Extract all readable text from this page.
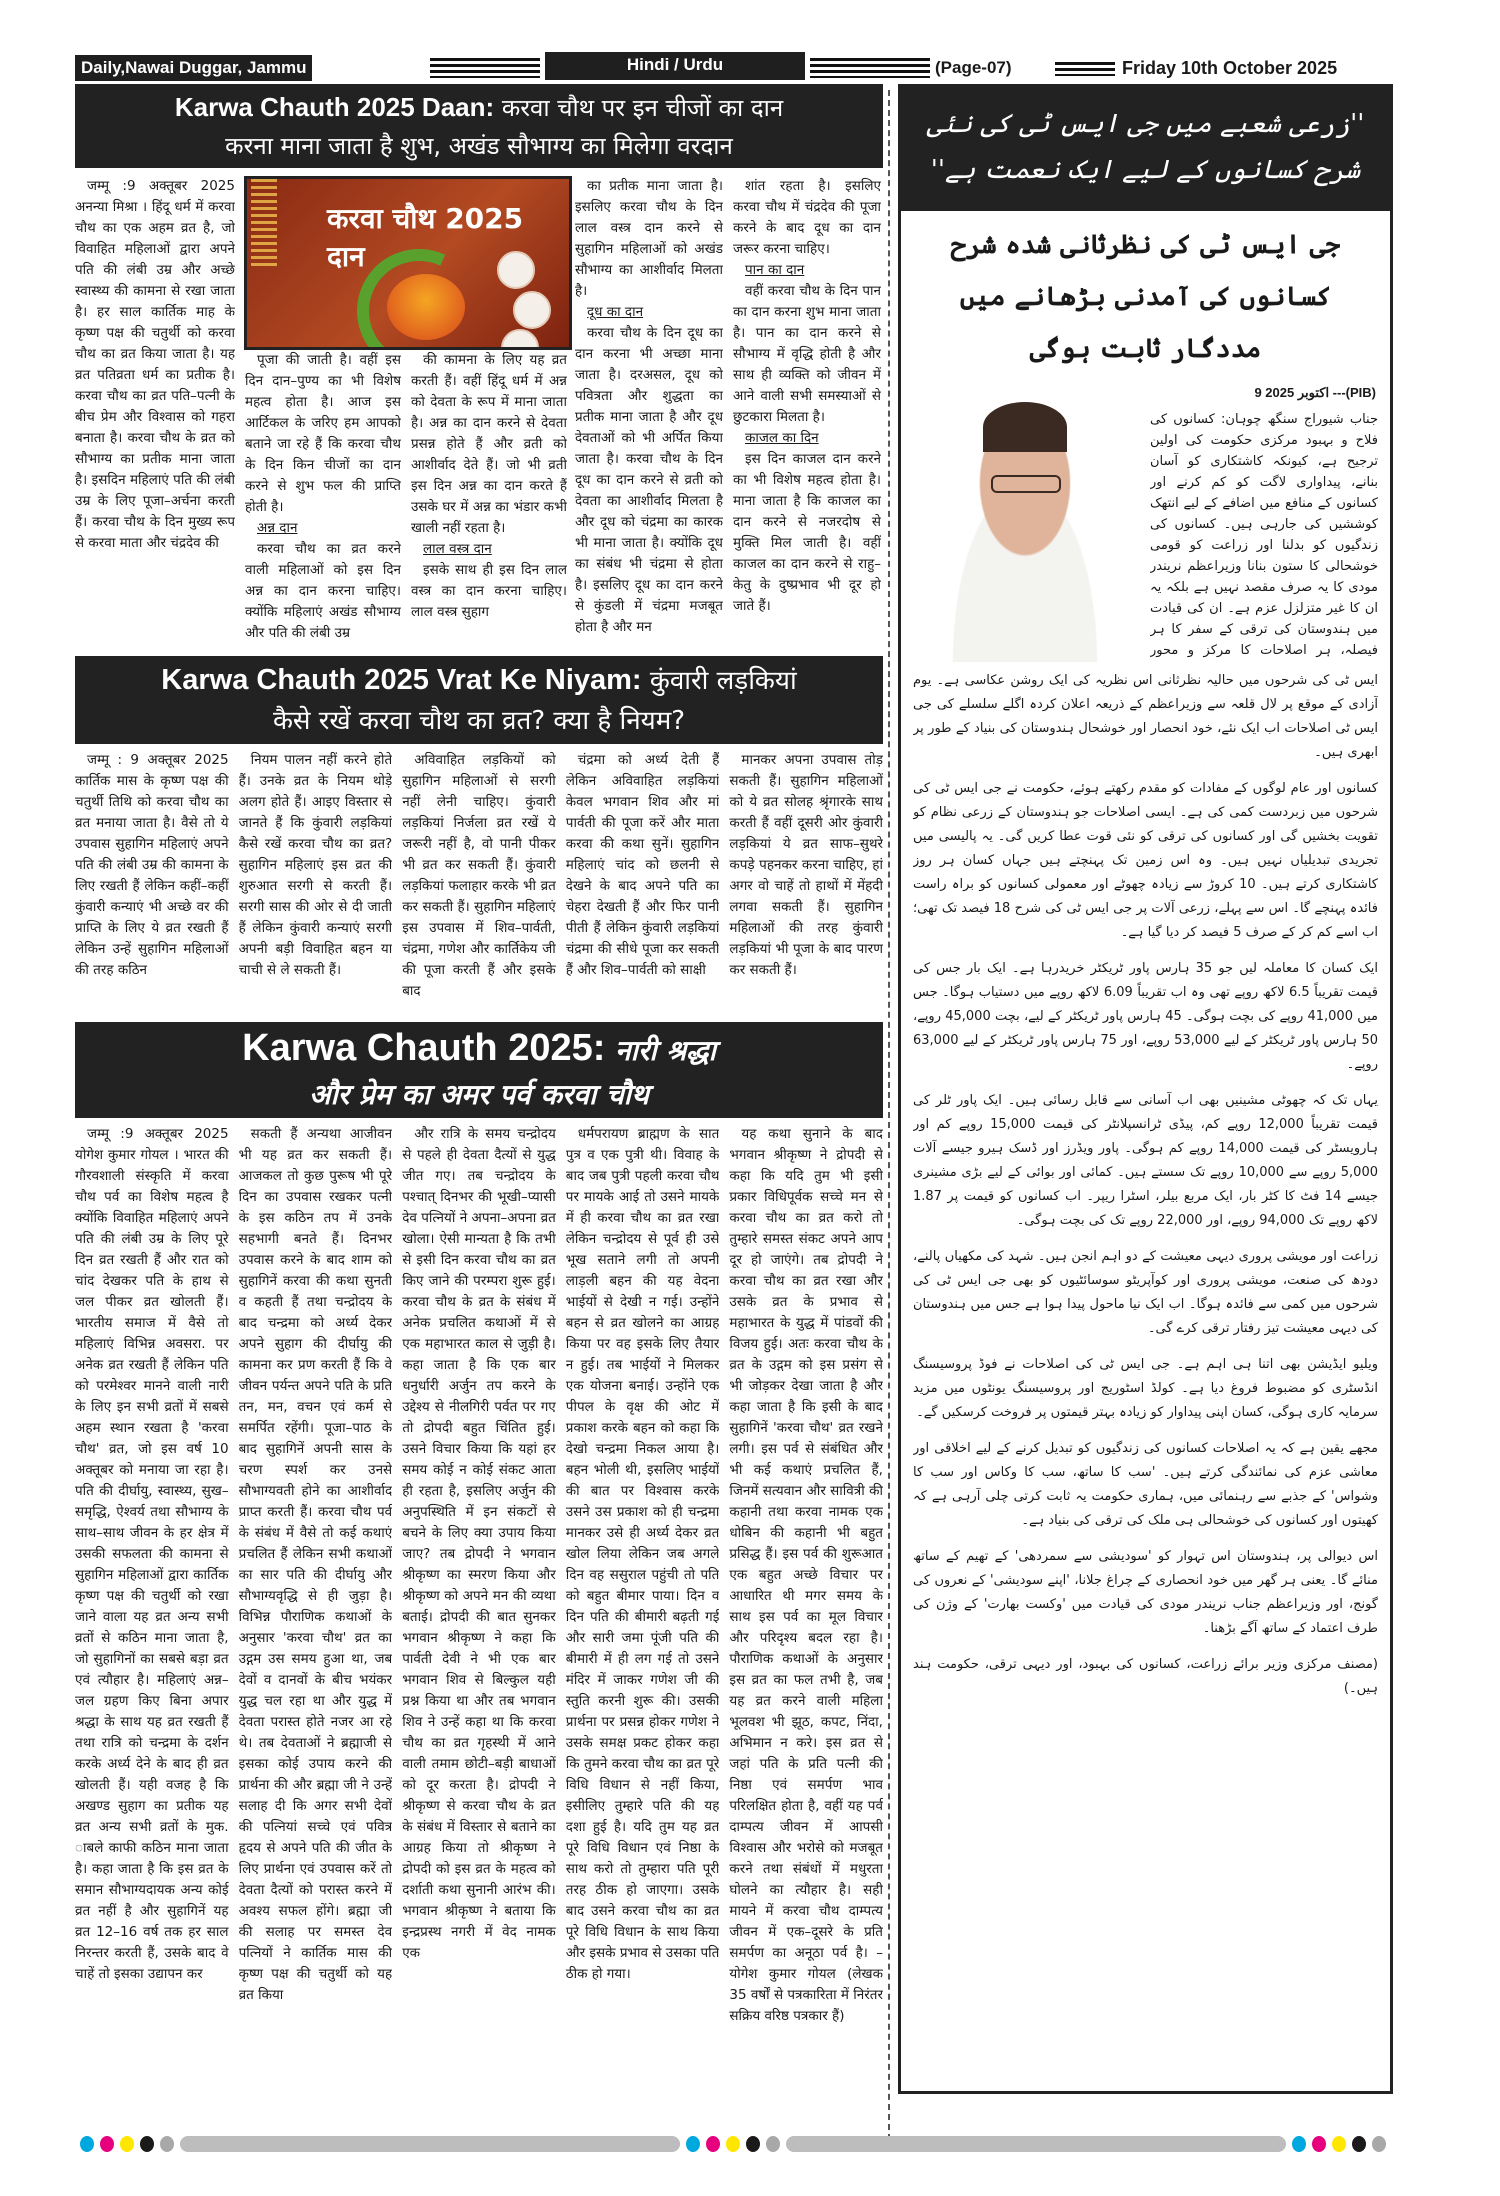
Daily,Nawai Duggar, Jammu	Hindi / Urdu	(Page-07)	Friday 10th October 2025
Karwa Chauth 2025 Daan: करवा चौथ पर इन चीजों का दान
करना माना जाता है शुभ, अखंड सौभाग्य का मिलेगा वरदान

जम्मू :9 अक्तूबर 2025 अनन्या मिश्रा । हिंदू धर्म में करवा चौथ का एक अहम व्रत है, जो विवाहित महिलाओं द्वारा अपने पति की लंबी उम्र और अच्छे स्वास्थ्य की कामना से रखा जाता है। हर साल कार्तिक माह के कृष्ण पक्ष की चतुर्थी को करवा चौथ का व्रत किया जाता है। यह व्रत पतिव्रता धर्म का प्रतीक है। करवा चौथ का व्रत पति–पत्नी के बीच प्रेम और विश्वास को गहरा बनाता है। करवा चौथ के व्रत को सौभाग्य का प्रतीक माना जाता है। इसदिन महिलाएं पति की लंबी उम्र के लिए पूजा–अर्चना करती हैं। करवा चौथ के दिन मुख्य रूप से करवा माता और चंद्रदेव की

करवा चौथ 2025 दान

पूजा की जाती है। वहीं इस दिन दान–पुण्य का भी विशेष महत्व होता है। आज इस आर्टिकल के जरिए हम आपको बताने जा रहे हैं कि करवा चौथ के दिन किन चीजों का दान करने से शुभ फल की प्राप्ति होती है।

अन्न दान

करवा चौथ का व्रत करने वाली महिलाओं को इस दिन अन्न का दान करना चाहिए। क्योंकि महिलाएं अखंड सौभाग्य और पति की लंबी उम्र

की कामना के लिए यह व्रत करती हैं। वहीं हिंदू धर्म में अन्न को देवता के रूप में माना जाता है। अन्न का दान करने से देवता प्रसन्न होते हैं और व्रती को आशीर्वाद देते हैं। जो भी व्रती इस दिन अन्न का दान करते हैं उसके घर में अन्न का भंडार कभी खाली नहीं रहता है।

लाल वस्त्र दान

इसके साथ ही इस दिन लाल वस्त्र का दान करना चाहिए। लाल वस्त्र सुहाग

का प्रतीक माना जाता है। इसलिए करवा चौथ के दिन लाल वस्त्र दान करने से सुहागिन महिलाओं को अखंड सौभाग्य का आशीर्वाद मिलता है।

दूध का दान

करवा चौथ के दिन दूध का दान करना भी अच्छा माना जाता है। दरअसल, दूध को पवित्रता और शुद्धता का प्रतीक माना जाता है और दूध देवताओं को भी अर्पित किया जाता है। करवा चौथ के दिन दूध का दान करने से व्रती को देवता का आशीर्वाद मिलता है और दूध को चंद्रमा का कारक भी माना जाता है। क्योंकि दूध का संबंध भी चंद्रमा से होता है। इसलिए दूध का दान करने से कुंडली में चंद्रमा मजबूत होता है और मन

शांत रहता है। इसलिए करवा चौथ में चंद्रदेव की पूजा करने के बाद दूध का दान जरूर करना चाहिए।

पान का दान

वहीं करवा चौथ के दिन पान का दान करना शुभ माना जाता है। पान का दान करने से सौभाग्य में वृद्धि होती है और साथ ही व्यक्ति को जीवन में आने वाली सभी समस्याओं से छुटकारा मिलता है।

काजल का दिन

इस दिन काजल दान करने का भी विशेष महत्व होता है। माना जाता है कि काजल का दान करने से नजरदोष से मुक्ति मिल जाती है। वहीं काजल का दान करने से राहु–केतु के दुष्प्रभाव भी दूर हो जाते हैं।

Karwa Chauth 2025 Vrat Ke Niyam: कुंवारी लड़कियां
कैसे रखें करवा चौथ का व्रत? क्या है नियम?

जम्मू : 9 अक्तूबर 2025 कार्तिक मास के कृष्ण पक्ष की चतुर्थी तिथि को करवा चौथ का व्रत मनाया जाता है। वैसे तो ये उपवास सुहागिन महिलाएं अपने पति की लंबी उम्र की कामना के लिए रखती हैं लेकिन कहीं–कहीं कुंवारी कन्याएं भी अच्छे वर की प्राप्ति के लिए ये व्रत रखती हैं लेकिन उन्हें सुहागिन महिलाओं की तरह कठिन

नियम पालन नहीं करने होते हैं। उनके व्रत के नियम थोड़े अलग होते हैं। आइए विस्तार से जानते हैं कि कुंवारी लड़कियां कैसे रखें करवा चौथ का व्रत? सुहागिन महिलाएं इस व्रत की शुरुआत सरगी से करती हैं। सरगी सास की ओर से दी जाती हैं लेकिन कुंवारी कन्याएं सरगी अपनी बड़ी विवाहित बहन या चाची से ले सकती हैं।

अविवाहित लड़कियों को सुहागिन महिलाओं से सरगी नहीं लेनी चाहिए। कुंवारी लड़कियां निर्जला व्रत रखें ये जरूरी नहीं है, वो पानी पीकर भी व्रत कर सकती हैं। कुंवारी लड़कियां फलाहार करके भी व्रत कर सकती हैं। सुहागिन महिलाएं इस उपवास में शिव–पार्वती, चंद्रमा, गणेश और कार्तिकेय जी की पूजा करती हैं और इसके बाद

चंद्रमा को अर्ध्य देती हैं लेकिन अविवाहित लड़कियां केवल भगवान शिव और मां पार्वती की पूजा करें और माता करवा की कथा सुनें। सुहागिन महिलाएं चांद को छलनी से देखने के बाद अपने पति का चेहरा देखती हैं और फिर पानी पीती हैं लेकिन कुंवारी लड़कियां चंद्रमा की सीधे पूजा कर सकती हैं और शिव–पार्वती को साक्षी

मानकर अपना उपवास तोड़ सकती हैं। सुहागिन महिलाओं को ये व्रत सोलह श्रृंगारके साथ करती हैं वहीं दूसरी ओर कुंवारी लड़कियां ये व्रत साफ–सुथरे कपड़े पहनकर करना चाहिए, हां अगर वो चाहें तो हाथों में मेंहदी लगवा सकती हैं। सुहागिन महिलाओं की तरह कुंवारी लड़कियां भी पूजा के बाद पारण कर सकती हैं।

Karwa Chauth 2025: नारी श्रद्धा
और प्रेम का अमर पर्व करवा चौथ

जम्मू :9 अक्तूबर 2025 योगेश कुमार गोयल । भारत की गौरवशाली संस्कृति में करवा चौथ पर्व का विशेष महत्व है क्योंकि विवाहित महिलाएं अपने पति की लंबी उम्र के लिए पूरे दिन व्रत रखती हैं और रात को चांद देखकर पति के हाथ से जल पीकर व्रत खोलती हैं। भारतीय समाज में वैसे तो महिलाएं विभिन्न अवसरा. पर अनेक व्रत रखती हैं लेकिन पति को परमेश्वर मानने वाली नारी के लिए इन सभी व्रतों में सबसे अहम स्थान रखता है 'करवा चौथ' व्रत, जो इस वर्ष 10 अक्तूबर को मनाया जा रहा है। पति की दीर्घायु, स्वास्थ्य, सुख–समृद्धि, ऐश्वर्य तथा सौभाग्य के साथ–साथ जीवन के हर क्षेत्र में उसकी सफलता की कामना से सुहागिन महिलाओं द्वारा कार्तिक कृष्ण पक्ष की चतुर्थी को रखा जाने वाला यह व्रत अन्य सभी व्रतों से कठिन माना जाता है, जो सुहागिनों का सबसे बड़ा व्रत एवं त्यौहार है। महिलाएं अन्न–जल ग्रहण किए बिना अपार श्रद्धा के साथ यह व्रत रखती हैं तथा रात्रि को चन्द्रमा के दर्शन करके अर्ध्य देने के बाद ही व्रत खोलती हैं। यही वजह है कि अखण्ड सुहाग का प्रतीक यह व्रत अन्य सभी व्रतों के मुक. ाबले काफी कठिन माना जाता है। कहा जाता है कि इस व्रत के समान सौभाग्यदायक अन्य कोई व्रत नहीं है और सुहागिनें यह व्रत 12–16 वर्ष तक हर साल निरन्तर करती हैं, उसके बाद वे चाहें तो इसका उद्यापन कर

सकती हैं अन्यथा आजीवन भी यह व्रत कर सकती हैं। आजकल तो कुछ पुरूष भी पूरे दिन का उपवास रखकर पत्नी के इस कठिन तप में उनके सहभागी बनते हैं। दिनभर उपवास करने के बाद शाम को सुहागिनें करवा की कथा सुनती व कहती हैं तथा चन्द्रोदय के बाद चन्द्रमा को अर्ध्य देकर अपने सुहाग की दीर्घायु की कामना कर प्रण करती हैं कि वे जीवन पर्यन्त अपने पति के प्रति तन, मन, वचन एवं कर्म से समर्पित रहेंगी। पूजा–पाठ के बाद सुहागिनें अपनी सास के चरण स्पर्श कर उनसे सौभाग्यवती होने का आशीर्वाद प्राप्त करती हैं। करवा चौथ पर्व के संबंध में वैसे तो कई कथाएं प्रचलित हैं लेकिन सभी कथाओं का सार पति की दीर्घायु और सौभाग्यवृद्धि से ही जुड़ा है। विभिन्न पौराणिक कथाओं के अनुसार 'करवा चौथ' व्रत का उद्गम उस समय हुआ था, जब देवों व दानवों के बीच भयंकर युद्ध चल रहा था और युद्ध में देवता परास्त होते नजर आ रहे थे। तब देवताओं ने ब्रह्माजी से इसका कोई उपाय करने की प्रार्थना की और ब्रह्मा जी ने उन्हें सलाह दी कि अगर सभी देवों की पत्नियां सच्चे एवं पवित्र हृदय से अपने पति की जीत के लिए प्रार्थना एवं उपवास करें तो देवता दैत्यों को परास्त करने में अवश्य सफल होंगे। ब्रह्मा जी की सलाह पर समस्त देव पत्नियों ने कार्तिक मास की कृष्ण पक्ष की चतुर्थी को यह व्रत किया

और रात्रि के समय चन्द्रोदय से पहले ही देवता दैत्यों से युद्ध जीत गए। तब चन्द्रोदय के पश्चात् दिनभर की भूखी–प्यासी देव पत्नियों ने अपना–अपना व्रत खोला। ऐसी मान्यता है कि तभी से इसी दिन करवा चौथ का व्रत किए जाने की परम्परा शुरू हुई। करवा चौथ के व्रत के संबंध में अनेक प्रचलित कथाओं में से एक महाभारत काल से जुड़ी है। कहा जाता है कि एक बार धनुर्धारी अर्जुन तप करने के उद्देश्य से नीलगिरी पर्वत पर गए तो द्रोपदी बहुत चिंतित हुई। उसने विचार किया कि यहां हर समय कोई न कोई संकट आता ही रहता है, इसलिए अर्जुन की अनुपस्थिति में इन संकटों से बचने के लिए क्या उपाय किया जाए? तब द्रोपदी ने भगवान श्रीकृष्ण का स्मरण किया और श्रीकृष्ण को अपने मन की व्यथा बताई। द्रोपदी की बात सुनकर भगवान श्रीकृष्ण ने कहा कि पार्वती देवी ने भी एक बार भगवान शिव से बिल्कुल यही प्रश्न किया था और तब भगवान शिव ने उन्हें कहा था कि करवा चौथ का व्रत गृहस्थी में आने वाली तमाम छोटी–बड़ी बाधाओं को दूर करता है। द्रोपदी ने श्रीकृष्ण से करवा चौथ के व्रत के संबंध में विस्तार से बताने का आग्रह किया तो श्रीकृष्ण ने द्रोपदी को इस व्रत के महत्व को दर्शाती कथा सुनानी आरंभ की। भगवान श्रीकृष्ण ने बताया कि इन्द्रप्रस्थ नगरी में वेद नामक एक

धर्मपरायण ब्राह्मण के सात पुत्र व एक पुत्री थी। विवाह के बाद जब पुत्री पहली करवा चौथ पर मायके आई तो उसने मायके में ही करवा चौथ का व्रत रखा लेकिन चन्द्रोदय से पूर्व ही उसे भूख सताने लगी तो अपनी लाड़ली बहन की यह वेदना भाईयों से देखी न गई। उन्होंने बहन से व्रत खोलने का आग्रह किया पर वह इसके लिए तैयार न हुई। तब भाईयों ने मिलकर एक योजना बनाई। उन्होंने एक पीपल के वृक्ष की ओट में प्रकाश करके बहन को कहा कि देखो चन्द्रमा निकल आया है। बहन भोली थी, इसलिए भाईयों की बात पर विश्वास करके उसने उस प्रकाश को ही चन्द्रमा मानकर उसे ही अर्ध्य देकर व्रत खोल लिया लेकिन जब अगले दिन वह ससुराल पहुंची तो पति को बहुत बीमार पाया। दिन व दिन पति की बीमारी बढ़ती गई और सारी जमा पूंजी पति की बीमारी में ही लग गई तो उसने मंदिर में जाकर गणेश जी की स्तुति करनी शुरू की। उसकी प्रार्थना पर प्रसन्न होकर गणेश ने उसके समक्ष प्रकट होकर कहा कि तुमने करवा चौथ का व्रत पूरे विधि विधान से नहीं किया, इसीलिए तुम्हारे पति की यह दशा हुई है। यदि तुम यह व्रत पूरे विधि विधान एवं निष्ठा के साथ करो तो तुम्हारा पति पूरी तरह ठीक हो जाएगा। उसके बाद उसने करवा चौथ का व्रत पूरे विधि विधान के साथ किया और इसके प्रभाव से उसका पति ठीक हो गया।

यह कथा सुनाने के बाद भगवान श्रीकृष्ण ने द्रोपदी से कहा कि यदि तुम भी इसी प्रकार विधिपूर्वक सच्चे मन से करवा चौथ का व्रत करो तो तुम्हारे समस्त संकट अपने आप दूर हो जाएंगे। तब द्रोपदी ने करवा चौथ का व्रत रखा और उसके व्रत के प्रभाव से महाभारत के युद्ध में पांडवों की विजय हुई। अतः करवा चौथ के व्रत के उद्गम को इस प्रसंग से भी जोड़कर देखा जाता है और कहा जाता है कि इसी के बाद सुहागिनें 'करवा चौथ' व्रत रखने लगी। इस पर्व से संबंधित और भी कई कथाएं प्रचलित हैं, जिनमें सत्यवान और सावित्री की कहानी तथा करवा नामक एक धोबिन की कहानी भी बहुत प्रसिद्ध हैं। इस पर्व की शुरूआत एक बहुत अच्छे विचार पर आधारित थी मगर समय के साथ इस पर्व का मूल विचार और परिदृश्य बदल रहा है। पौराणिक कथाओं के अनुसार इस व्रत का फल तभी है, जब यह व्रत करने वाली महिला भूलवश भी झूठ, कपट, निंदा, अभिमान न करे। इस व्रत से जहां पति के प्रति पत्नी की निष्ठा एवं समर्पण भाव परिलक्षित होता है, वहीं यह पर्व दाम्पत्य जीवन में आपसी विश्वास और भरोसे को मजबूत करने तथा संबंधों में मधुरता घोलने का त्यौहार है। सही मायने में करवा चौथ दाम्पत्य जीवन में एक–दूसरे के प्रति समर्पण का अनूठा पर्व है। – योगेश कुमार गोयल (लेखक 35 वर्षों से पत्रकारिता में निरंतर सक्रिय वरिष्ठ पत्रकार हैं)

''زرعی شعبے میں جی ایس ٹی کی نئی شرح کسانوں کے لیے ایک نعمت ہے''
جی ایس ٹی کی نظرثانی شدہ شرح کسانوں کی آمدنی بڑھانے میں مددگار ثابت ہوگی
9 اکتوبر 2025 ---(PIB)
جناب شیوراج سنگھ چوہان: کسانوں کی فلاح و بہبود مرکزی حکومت کی اولین ترجیح ہے، کیونکہ کاشتکاری کو آسان بنانے، پیداواری لاگت کو کم کرنے اور کسانوں کے منافع میں اضافے کے لیے انتھک کوششیں کی جارہی ہیں۔ کسانوں کی زندگیوں کو بدلنا اور زراعت کو قومی خوشحالی کا ستون بنانا وزیراعظم نریندر مودی کا یہ صرف مقصد نہیں ہے بلکہ یہ ان کا غیر متزلزل عزم ہے۔ ان کی قیادت میں ہندوستان کی ترقی کے سفر کا ہر فیصلہ، ہر اصلاحات کا مرکز و محور

ایس ٹی کی شرحوں میں حالیہ نظرثانی اس نظریہ کی ایک روشن عکاسی ہے۔ یوم آزادی کے موقع پر لال قلعہ سے وزیراعظم کے ذریعہ اعلان کردہ اگلے سلسلے کی جی ایس ٹی اصلاحات اب ایک نئے، خود انحصار اور خوشحال ہندوستان کی بنیاد کے طور پر ابھری ہیں۔

کسانوں اور عام لوگوں کے مفادات کو مقدم رکھتے ہوئے، حکومت نے جی ایس ٹی کی شرحوں میں زبردست کمی کی ہے۔ ایسی اصلاحات جو ہندوستان کے زرعی نظام کو تقویت بخشیں گی اور کسانوں کی ترقی کو نئی قوت عطا کریں گی۔ یہ پالیسی میں تجریدی تبدیلیاں نہیں ہیں۔ وہ اس زمین تک پہنچتے ہیں جہاں کسان ہر روز کاشتکاری کرتے ہیں۔ 10 کروڑ سے زیادہ چھوٹے اور معمولی کسانوں کو براہ راست فائدہ پہنچے گا۔ اس سے پہلے، زرعی آلات پر جی ایس ٹی کی شرح 18 فیصد تک تھی؛ اب اسے کم کر کے صرف 5 فیصد کر دیا گیا ہے۔

ایک کسان کا معاملہ لیں جو 35 ہارس پاور ٹریکٹر خریدرہا ہے۔ ایک بار جس کی قیمت تقریباً 6.5 لاکھ روپے تھی وہ اب تقریباً 6.09 لاکھ روپے میں دستیاب ہوگا۔ جس میں 41,000 روپے کی بچت ہوگی۔ 45 ہارس پاور ٹریکٹر کے لیے، بچت 45,000 روپے، 50 ہارس پاور ٹریکٹر کے لیے 53,000 روپے، اور 75 ہارس پاور ٹریکٹر کے لیے 63,000 روپے۔

یہاں تک کہ چھوٹی مشینیں بھی اب آسانی سے قابل رسائی ہیں۔ ایک پاور ٹلر کی قیمت تقریباً 12,000 روپے کم، پیڈی ٹرانسپلانٹر کی قیمت 15,000 روپے کم اور ہارویسٹر کی قیمت 14,000 روپے کم ہوگی۔ پاور ویڈرز اور ڈسک ہیرو جیسے آلات 5,000 روپے سے 10,000 روپے تک سستے ہیں۔ کمائی اور بوائی کے لیے بڑی مشینری جیسے 14 فٹ کا کٹر بار، ایک مربع بیلر، اسٹرا ریپر۔ اب کسانوں کو قیمت پر 1.87 لاکھ روپے تک 94,000 روپے، اور 22,000 روپے تک کی بچت ہوگی۔

زراعت اور مویشی پروری دیہی معیشت کے دو اہم انجن ہیں۔ شہد کی مکھیاں پالنے، دودھ کی صنعت، مویشی پروری اور کوآپریٹو سوسائٹیوں کو بھی جی ایس ٹی کی شرحوں میں کمی سے فائدہ ہوگا۔ اب ایک نیا ماحول پیدا ہوا ہے جس میں ہندوستان کی دیہی معیشت تیز رفتار ترقی کرے گی۔

ویلیو ایڈیشن بھی اتنا ہی اہم ہے۔ جی ایس ٹی کی اصلاحات نے فوڈ پروسیسنگ انڈسٹری کو مضبوط فروغ دیا ہے۔ کولڈ اسٹوریج اور پروسیسنگ یونٹوں میں مزید سرمایہ کاری ہوگی، کسان اپنی پیداوار کو زیادہ بہتر قیمتوں پر فروخت کرسکیں گے۔

مجھے یقین ہے کہ یہ اصلاحات کسانوں کی زندگیوں کو تبدیل کرنے کے لیے اخلاقی اور معاشی عزم کی نمائندگی کرتے ہیں۔ 'سب کا ساتھ، سب کا وکاس اور سب کا وشواس' کے جذبے سے رہنمائی میں، ہماری حکومت یہ ثابت کرتی چلی آرہی ہے کہ کھیتوں اور کسانوں کی خوشحالی ہی ملک کی ترقی کی بنیاد ہے۔

اس دیوالی پر، ہندوستان اس تہوار کو 'سودیشی سے سمردھی' کے تھیم کے ساتھ منائے گا۔ یعنی ہر گھر میں خود انحصاری کے چراغ جلانا، 'اپنے سودیشی' کے نعروں کی گونج، اور وزیراعظم جناب نریندر مودی کی قیادت میں 'وکست بھارت' کے وژن کی طرف اعتماد کے ساتھ آگے بڑھنا۔

(مصنف مرکزی وزیر برائے زراعت، کسانوں کی بہبود، اور دیہی ترقی، حکومت ہند ہیں۔)
